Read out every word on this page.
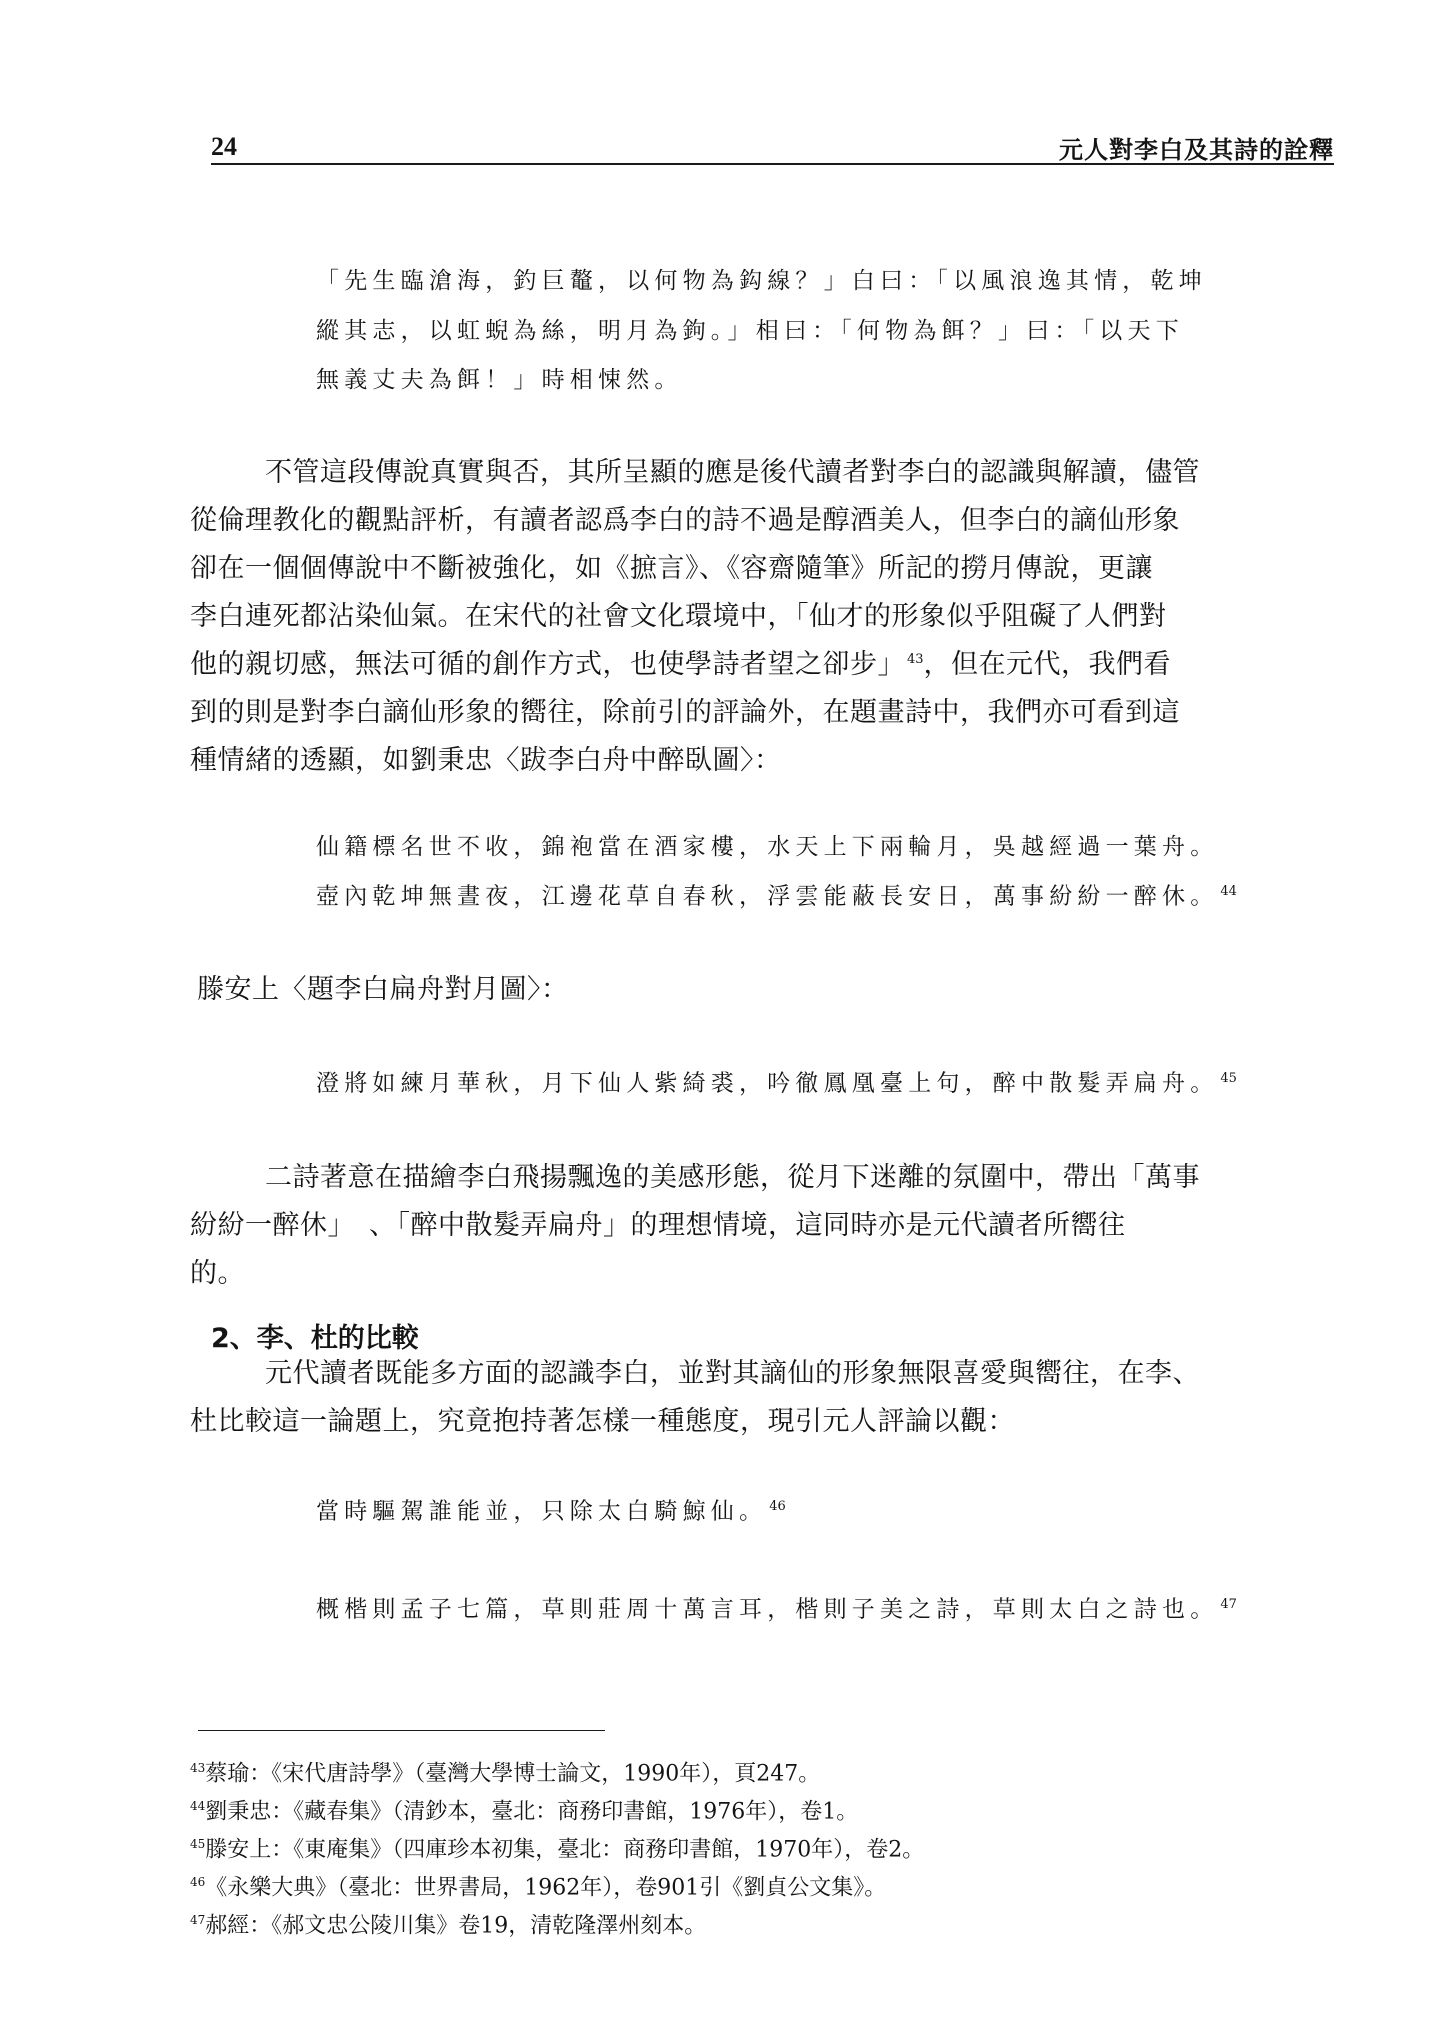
24	元人對李白及其詩的詮釋
「先生臨滄海，釣巨鼇，以何物為鈎線？」白曰：「以風浪逸其情，乾坤
縱其志，以虹蜺為絲，明月為鉤。」相曰：「何物為餌？」曰：「以天下
無義丈夫為餌！」時相悚然。
不管這段傳說真實與否，其所呈顯的應是後代讀者對李白的認識與解讀，儘管
從倫理教化的觀點評析，有讀者認爲李白的詩不過是醇酒美人，但李白的謫仙形象
卻在一個個傳說中不斷被強化，如《摭言》、《容齋隨筆》所記的撈月傳說，更讓
李白連死都沾染仙氣。在宋代的社會文化環境中，「仙才的形象似乎阻礙了人們對
他的親切感，無法可循的創作方式，也使學詩者望之卻步」 $^{43}$，但在元代，我們看
到的則是對李白謫仙形象的嚮往，除前引的評論外，在題畫詩中，我們亦可看到這
種情緒的透顯，如劉秉忠〈跋李白舟中醉臥圖〉：
仙籍標名世不收，錦袍當在酒家樓，水天上下兩輪月，吳越經過一葉舟。
壺內乾坤無晝夜，江邊花草自春秋，浮雲能蔽長安日，萬事紛紛一醉休。 $^{44}$
滕安上〈題李白扁舟對月圖〉：
澄將如練月華秋，月下仙人紫綺裘，吟徹鳳凰臺上句，醉中散髮弄扁舟。 $^{45}$
二詩著意在描繪李白飛揚飄逸的美感形態，從月下迷離的氛圍中，帶出「萬事
紛紛一醉休」　、「醉中散髮弄扁舟」的理想情境，這同時亦是元代讀者所嚮往
的。
2、李、杜的比較
元代讀者既能多方面的認識李白，並對其謫仙的形象無限喜愛與嚮往，在李、
杜比較這一論題上，究竟抱持著怎樣一種態度，現引元人評論以觀：
當時驅駕誰能並，只除太白騎鯨仙。 $^{46}$
概楷則孟子七篇，草則莊周十萬言耳，楷則子美之詩，草則太白之詩也。 $^{47}$
$^{43}$蔡瑜：《宋代唐詩學》（臺灣大學博士論文，1990年），頁247。
$^{44}$劉秉忠：《藏春集》（清鈔本，臺北：商務印書館，1976年），卷1。
$^{45}$滕安上：《東庵集》（四庫珍本初集，臺北：商務印書館，1970年），卷2。
$^{46}$《永樂大典》（臺北：世界書局，1962年），卷901引《劉貞公文集》。
$^{47}$郝經：《郝文忠公陵川集》卷19，清乾隆澤州刻本。
